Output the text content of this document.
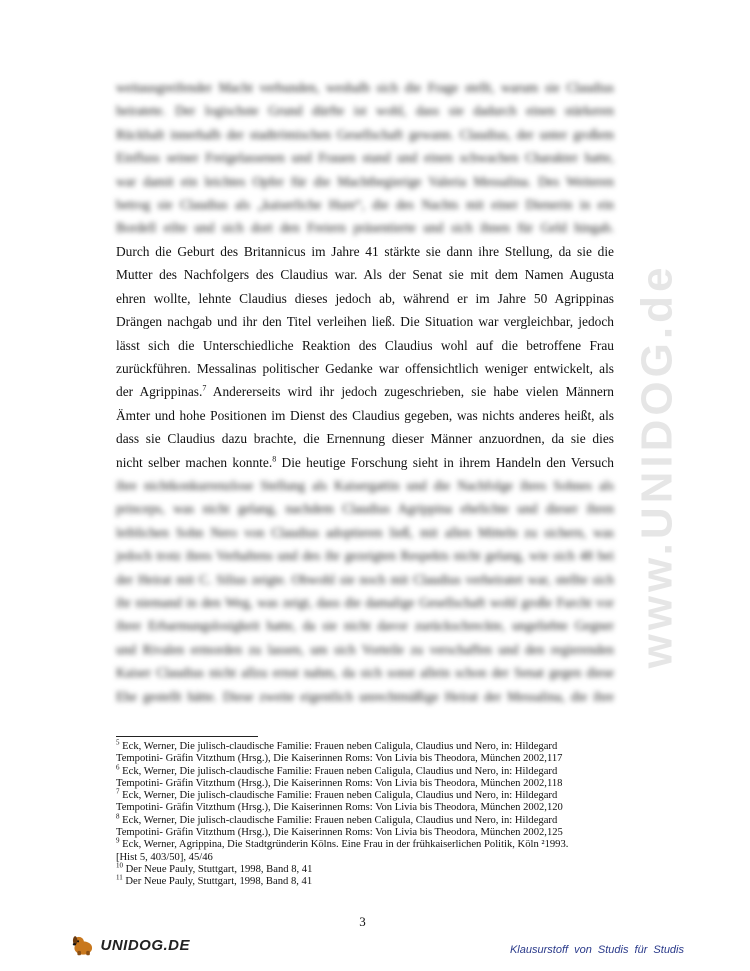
www.UNIDOG.de
weitausgreifender Macht verbunden, weshalb sich die Frage stellt, warum sie Claudius
heiratete. Der logischste Grund dürfte ist wohl, dass sie dadurch einen stärkeren
Rückhalt innerhalb der stadtrömischen Gesellschaft gewann. Claudius, der unter großem
Einfluss seiner Freigelassenen und Frauen stand und einen schwachen Charakter hatte,
war damit ein leichtes Opfer für die Machtbegierige Valeria Messalina. Des Weiteren
betrog sie Claudius als „kaiserliche Hure“, die des Nachts mit einer Dienerin in ein
Bordell eilte und sich dort den Freiern präsentierte und sich ihnen für Geld hingab.
Durch die Geburt des Britannicus im Jahre 41 stärkte sie dann ihre Stellung, da sie die
Mutter des Nachfolgers des Claudius war. Als der Senat sie mit dem Namen Augusta
ehren wollte, lehnte Claudius dieses jedoch ab, während er im Jahre 50 Agrippinas
Drängen nachgab und ihr den Titel verleihen ließ. Die Situation war vergleichbar, jedoch
lässt sich die Unterschiedliche Reaktion des Claudius wohl auf die betroffene Frau
zurückführen. Messalinas politischer Gedanke war offensichtlich weniger entwickelt, als
der Agrippinas.$^7$ Andererseits wird ihr jedoch zugeschrieben, sie habe vielen Männern
Ämter und hohe Positionen im Dienst des Claudius gegeben, was nichts anderes heißt, als
dass sie Claudius dazu brachte, die Ernennung dieser Männer anzuordnen, da sie dies
nicht selber machen konnte.$^8$ Die heutige Forschung sieht in ihrem Handeln den Versuch
ihre nichtkonkurrenzlose Stellung als Kaisergattin und die Nachfolge ihres Sohnes als
princeps, was nicht gelang, nachdem Claudius Agrippina ehelichte und dieser ihren
leiblichen Sohn Nero von Claudius adoptieren ließ, mit allen Mitteln zu sichern, was
jedoch trotz ihres Verhaltens und des ihr gezeigten Respekts nicht gelang, wie sich 48 bei
der Heirat mit C. Silius zeigte. Obwohl sie noch mit Claudius verheiratet war, stellte sich
ihr niemand in den Weg, was zeigt, dass die damalige Gesellschaft wohl große Furcht vor
ihrer Erbarmungslosigkeit hatte, da sie nicht davor zurückschreckte, ungeliebte Gegner
und Rivalen ermorden zu lassen, um sich Vorteile zu verschaffen und den regierenden
Kaiser Claudius nicht allzu ernst nahm, da sich sonst allein schon der Senat gegen diese
Ehe gestellt hätte. Diese zweite eigentlich unrechtmäßige Heirat der Messalina, die ihre
$^5$ Eck, Werner, Die julisch-claudische Familie: Frauen neben Caligula, Claudius und Nero, in: Hildegard
Tempotini- Gräfin Vitzthum (Hrsg.), Die Kaiserinnen Roms: Von Livia bis Theodora, München 2002,117
$^6$ Eck, Werner, Die julisch-claudische Familie: Frauen neben Caligula, Claudius und Nero, in: Hildegard
Tempotini- Gräfin Vitzthum (Hrsg.), Die Kaiserinnen Roms: Von Livia bis Theodora, München 2002,118
$^7$ Eck, Werner, Die julisch-claudische Familie: Frauen neben Caligula, Claudius und Nero, in: Hildegard
Tempotini- Gräfin Vitzthum (Hrsg.), Die Kaiserinnen Roms: Von Livia bis Theodora, München 2002,120
$^8$ Eck, Werner, Die julisch-claudische Familie: Frauen neben Caligula, Claudius und Nero, in: Hildegard
Tempotini- Gräfin Vitzthum (Hrsg.), Die Kaiserinnen Roms: Von Livia bis Theodora, München 2002,125
$^9$ Eck, Werner, Agrippina, Die Stadtgründerin Kölns. Eine Frau in der frühkaiserlichen Politik, Köln ²1993.
[Hist 5, 403/50], 45/46
$^{10}$ Der Neue Pauly, Stuttgart, 1998, Band 8, 41
$^{11}$ Der Neue Pauly, Stuttgart, 1998, Band 8, 41
3
UNIDOG.DE	Klausurstoff von Studis für Studis
